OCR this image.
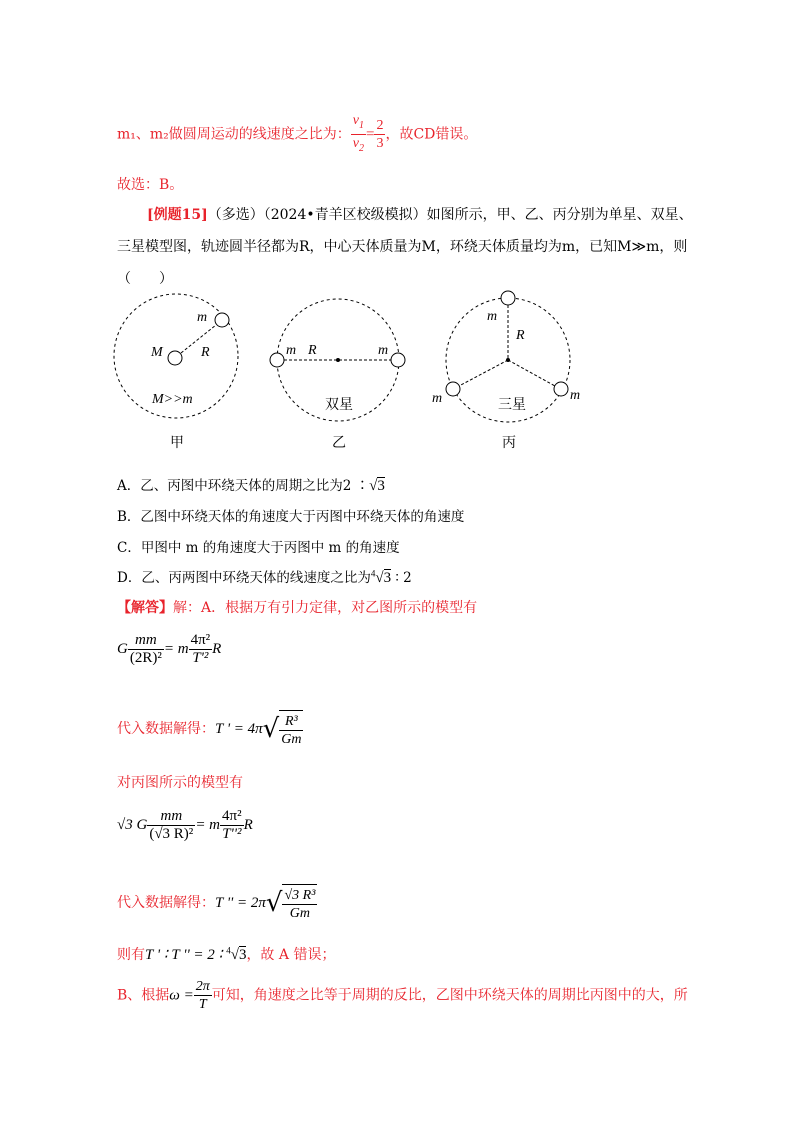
m₁、m₂做圆周运动的线速度之比为： $\frac{v_1}{v_2} = \frac{2}{3}$ ，故CD错误。
故选：B。
[例题15]（多选）（2024•青羊区校级模拟）如图所示，甲、乙、丙分别为单星、双星、
三星模型图，轨迹圆半径都为R，中心天体质量为M，环绕天体质量均为m，已知M≫m，则
（　　）
m
M	R
M>>m
甲
m	m
R
双星
乙
m
R
m	m
三星
丙
A．乙、丙图中环绕天体的周期之比为2 ∶√3
B．乙图中环绕天体的角速度大于丙图中环绕天体的角速度
C．甲图中 m 的角速度大于丙图中 m 的角速度
D．乙、丙两图中环绕天体的线速度之比为$^4$√3 ∶ 2
【解答】解：A．根据万有引力定律，对乙图所示的模型有
G $\frac{mm}{\text{(2R)²}} = m \frac{\text{4π²}}{\text{T'²}}$ R
代入数据解得：T ' = $4\pi√ \frac{\text{R³}}{Gm}$
对丙图所示的模型有
√3 G $\frac{mm}{\text{(√3 R)²}} = m \frac{\text{4π²}}{\text{T''²}}$ R
代入数据解得：T '' = $2\pi√ \frac{\text{√3 R³}}{Gm}$
则有T ' ∶ T '' = 2 ∶ $^4$√3，故 A 错误；
B、根据$\omega = \frac{2\pi}{T}$ 可知，角速度之比等于周期的反比，乙图中环绕天体的周期比丙图中的大，所
